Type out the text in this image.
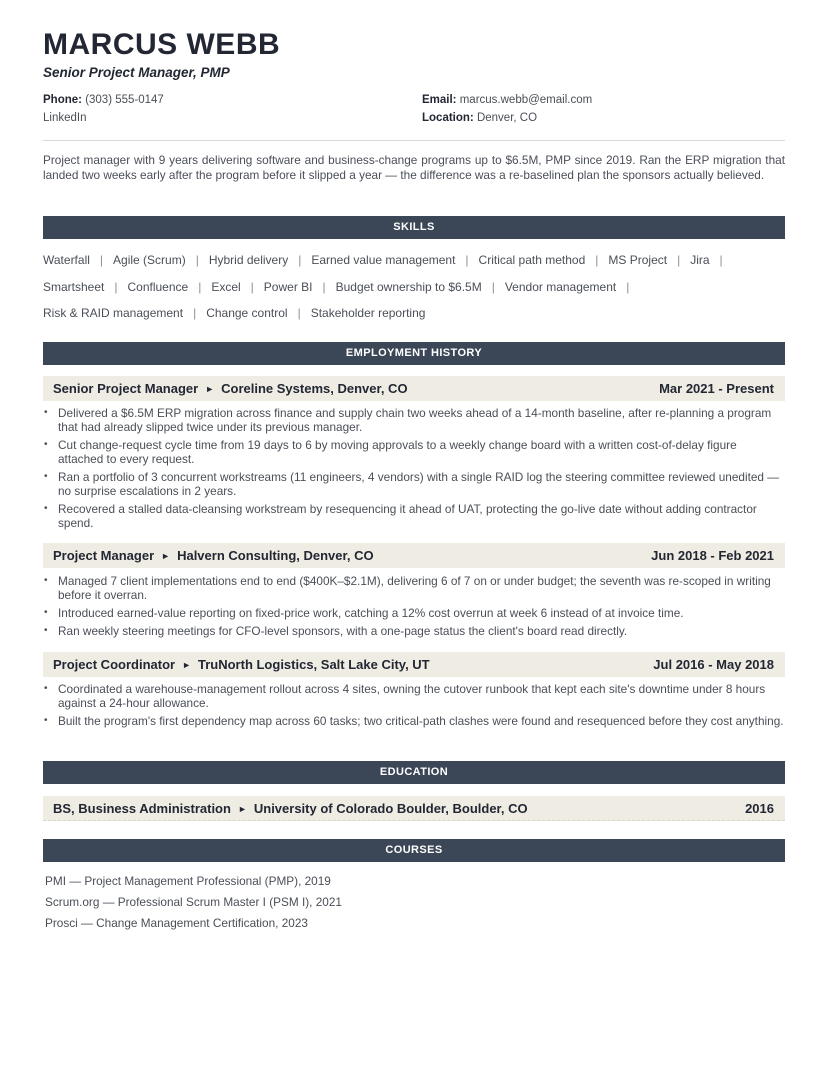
MARCUS WEBB
Senior Project Manager, PMP
Phone: (303) 555-0147
LinkedIn
Email: marcus.webb@email.com
Location: Denver, CO
Project manager with 9 years delivering software and business-change programs up to $6.5M, PMP since 2019. Ran the ERP migration that landed two weeks early after the program before it slipped a year — the difference was a re-baselined plan the sponsors actually believed.
SKILLS
Waterfall | Agile (Scrum) | Hybrid delivery | Earned value management | Critical path method | MS Project | Jira |
Smartsheet | Confluence | Excel | Power BI | Budget ownership to $6.5M | Vendor management |
Risk & RAID management | Change control | Stakeholder reporting
EMPLOYMENT HISTORY
Senior Project Manager ► Coreline Systems, Denver, CO	Mar 2021 - Present
• Delivered a $6.5M ERP migration across finance and supply chain two weeks ahead of a 14-month baseline, after re-planning a program that had already slipped twice under its previous manager.
• Cut change-request cycle time from 19 days to 6 by moving approvals to a weekly change board with a written cost-of-delay figure attached to every request.
• Ran a portfolio of 3 concurrent workstreams (11 engineers, 4 vendors) with a single RAID log the steering committee reviewed unedited — no surprise escalations in 2 years.
• Recovered a stalled data-cleansing workstream by resequencing it ahead of UAT, protecting the go-live date without adding contractor spend.
Project Manager ► Halvern Consulting, Denver, CO	Jun 2018 - Feb 2021
• Managed 7 client implementations end to end ($400K–$2.1M), delivering 6 of 7 on or under budget; the seventh was re-scoped in writing before it overran.
• Introduced earned-value reporting on fixed-price work, catching a 12% cost overrun at week 6 instead of at invoice time.
• Ran weekly steering meetings for CFO-level sponsors, with a one-page status the client's board read directly.
Project Coordinator ► TruNorth Logistics, Salt Lake City, UT	Jul 2016 - May 2018
• Coordinated a warehouse-management rollout across 4 sites, owning the cutover runbook that kept each site's downtime under 8 hours against a 24-hour allowance.
• Built the program's first dependency map across 60 tasks; two critical-path clashes were found and resequenced before they cost anything.
EDUCATION
BS, Business Administration ► University of Colorado Boulder, Boulder, CO	2016
COURSES
PMI — Project Management Professional (PMP), 2019
Scrum.org — Professional Scrum Master I (PSM I), 2021
Prosci — Change Management Certification, 2023
